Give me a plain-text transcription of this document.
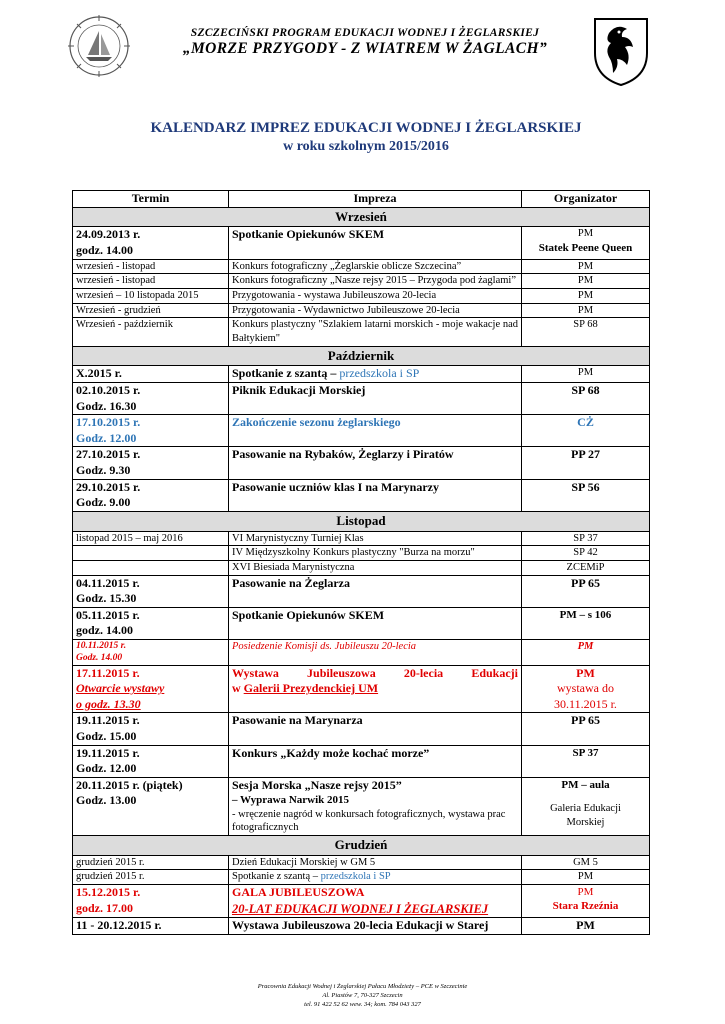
SZCZECIŃSKI PROGRAM EDUKACJI WODNEJ I ŻEGLARSKIEJ
„MORZE PRZYGODY - Z WIATREM W ŻAGLACH”
KALENDARZ IMPREZ EDUKACJI WODNEJ I ŻEGLARSKIEJ
w roku szkolnym 2015/2016
Termin	Impreza	Organizator
Wrzesień		

24.09.2013 r.
godz. 14.00	Spotkanie Opiekunów SKEM	PM
Statek Peene Queen

wrzesień - listopad	Konkurs fotograficzny „Żeglarskie oblicze Szczecina”	PM
wrzesień - listopad	Konkurs fotograficzny „Nasze rejsy 2015 – Przygoda pod żaglami”	PM
wrzesień – 10 listopada 2015	Przygotowania - wystawa Jubileuszowa 20-lecia	PM
Wrzesień - grudzień	Przygotowania - Wydawnictwo Jubileuszowe 20-lecia	PM
Wrzesień - październik	Konkurs plastyczny "Szlakiem latarni morskich - moje wakacje nad Bałtykiem"	SP 68
Październik		
X.2015 r.	Spotkanie z szantą – przedszkola i SP	PM

02.10.2015 r.
Godz. 16.30	Piknik Edukacji Morskiej	SP 68

17.10.2015 r.
Godz. 12.00	Zakończenie sezonu żeglarskiego	CŻ

27.10.2015 r.
Godz. 9.30	Pasowanie na Rybaków, Żeglarzy i Piratów	PP 27

29.10.2015 r.
Godz. 9.00	Pasowanie uczniów klas I na Marynarzy	SP 56
Listopad		
listopad 2015 – maj 2016	VI Marynistyczny Turniej Klas	SP 37
	IV Międzyszkolny Konkurs plastyczny "Burza na morzu"	SP 42
	XVI Biesiada Marynistyczna	ZCEMiP

04.11.2015 r.
Godz. 15.30	Pasowanie na Żeglarza	PP 65

05.11.2015 r.
godz. 14.00	Spotkanie Opiekunów SKEM	PM – s 106

10.11.2015 r.
Godz. 14.00	Posiedzenie Komisji ds. Jubileuszu 20-lecia	PM

17.11.2015 r.
Otwarcie wystawy
o godz. 13.30	Wystawa Jubileuszowa 20-lecia Edukacji
w Galerii Prezydenckiej UM	PM
wystawa do
30.11.2015 r.

19.11.2015 r.
Godz. 15.00	Pasowanie na Marynarza	PP 65

19.11.2015 r.
Godz. 12.00	Konkurs „Każdy może kochać morze”	SP 37

20.11.2015 r. (piątek)
Godz. 13.00	Sesja Morska „Nasze rejsy 2015”
– Wyprawa Narwik 2015
- wręczenie nagród w konkursach fotograficznych, wystawa prac fotograficznych	PM – aula
Galeria Edukacji
Morskiej

Grudzień		
grudzień 2015 r.	Dzień Edukacji Morskiej w GM 5	GM 5
grudzień 2015 r.	Spotkanie z szantą – przedszkola i SP	PM

15.12.2015 r.
godz. 17.00	GALA JUBILEUSZOWA
20-LAT EDUKACJI WODNEJ I ŻEGLARSKIEJ	PM
Stara Rzeźnia

11 - 20.12.2015 r.	Wystawa Jubileuszowa 20-lecia Edukacji w Starej	PM
Pracownia Edukacji Wodnej i Żeglarskiej Pałacu Młodzieży – PCE w Szczecinie
Al. Piastów 7, 70-327 Szczecin
tel. 91 422 52 62 wew. 34; kom. 784 043 327
